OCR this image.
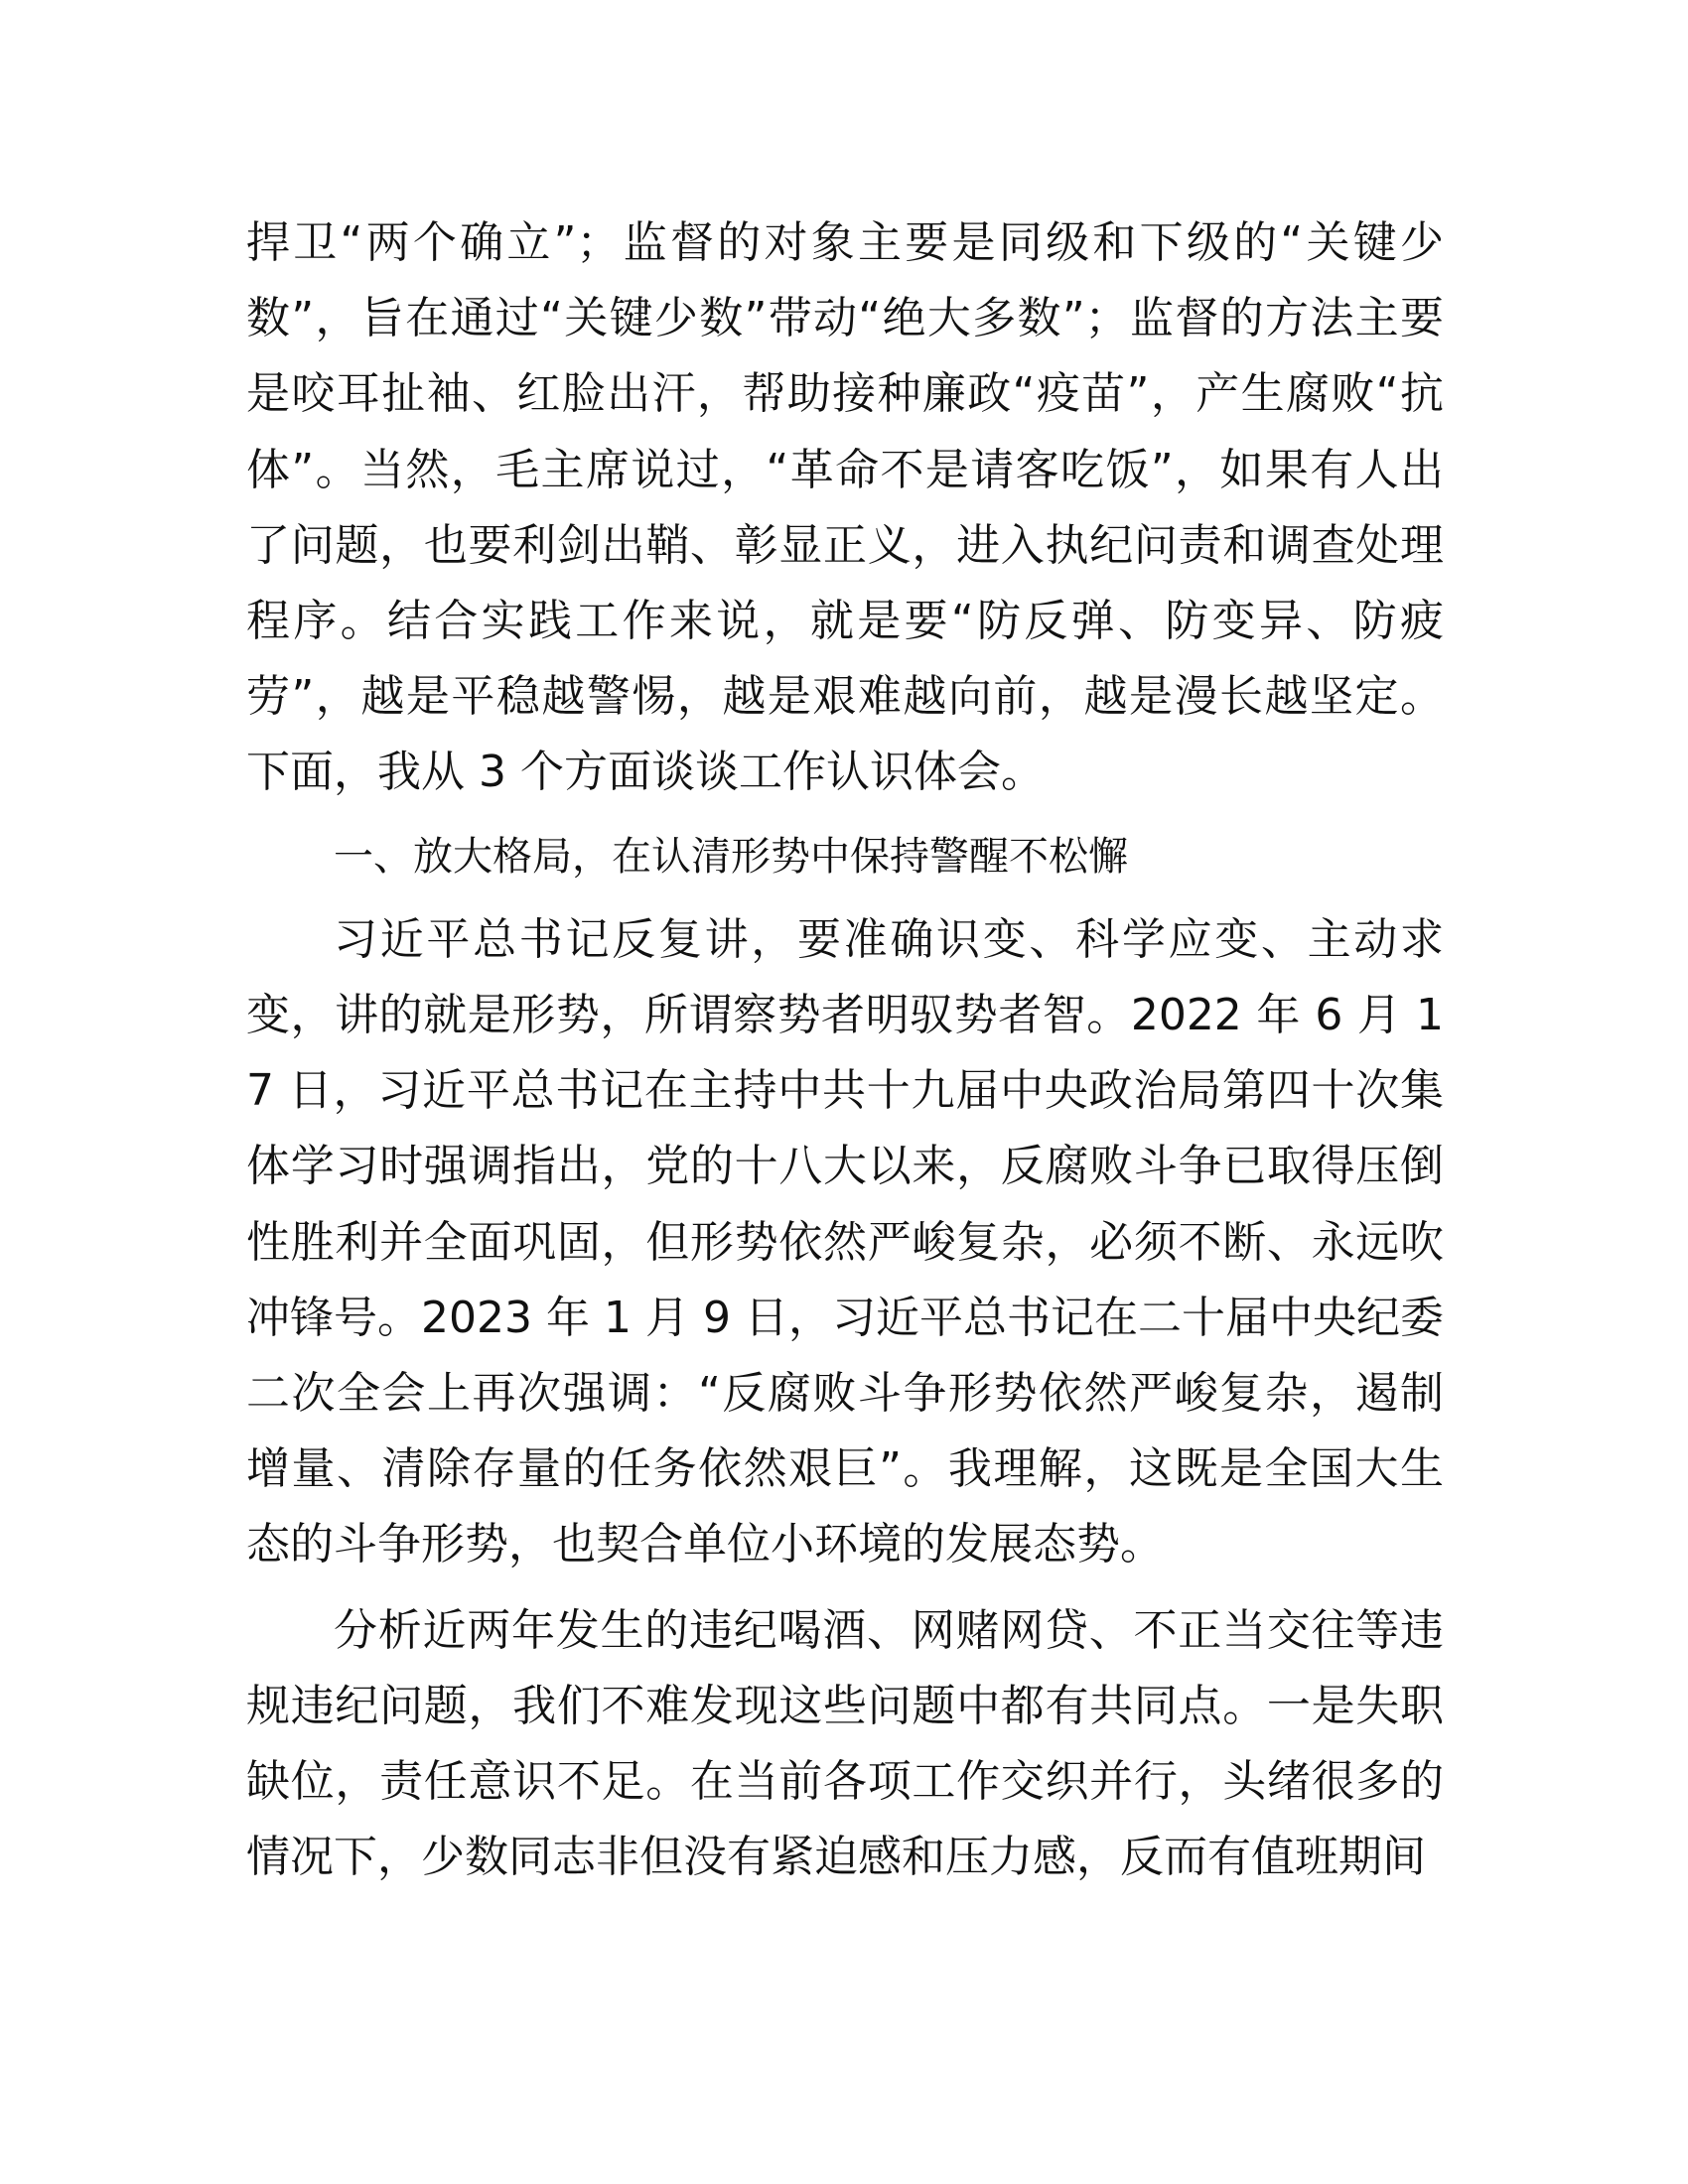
捍卫“两个确立”；监督的对象主要是同级和下级的“关键少数”，旨在通过“关键少数”带动“绝大多数”；监督的方法主要是咬耳扯袖、红脸出汗，帮助接种廉政“疫苗”，产生腐败“抗体”。当然，毛主席说过，“革命不是请客吃饭”，如果有人出了问题，也要利剑出鞘、彰显正义，进入执纪问责和调查处理程序。结合实践工作来说，就是要“防反弹、防变异、防疲劳”，越是平稳越警惕，越是艰难越向前，越是漫长越坚定。下面，我从 3 个方面谈谈工作认识体会。

一、放大格局，在认清形势中保持警醒不松懈

习近平总书记反复讲，要准确识变、科学应变、主动求变，讲的就是形势，所谓察势者明驭势者智。2022 年 6 月 17 日，习近平总书记在主持中共十九届中央政治局第四十次集体学习时强调指出，党的十八大以来，反腐败斗争已取得压倒性胜利并全面巩固，但形势依然严峻复杂，必须不断、永远吹冲锋号。2023 年 1 月 9 日，习近平总书记在二十届中央纪委二次全会上再次强调：“反腐败斗争形势依然严峻复杂，遏制增量、清除存量的任务依然艰巨”。我理解，这既是全国大生态的斗争形势，也契合单位小环境的发展态势。

分析近两年发生的违纪喝酒、网赌网贷、不正当交往等违规违纪问题，我们不难发现这些问题中都有共同点。一是失职缺位，责任意识不足。在当前各项工作交织并行，头绪很多的情况下，少数同志非但没有紧迫感和压力感，反而有值班期间
